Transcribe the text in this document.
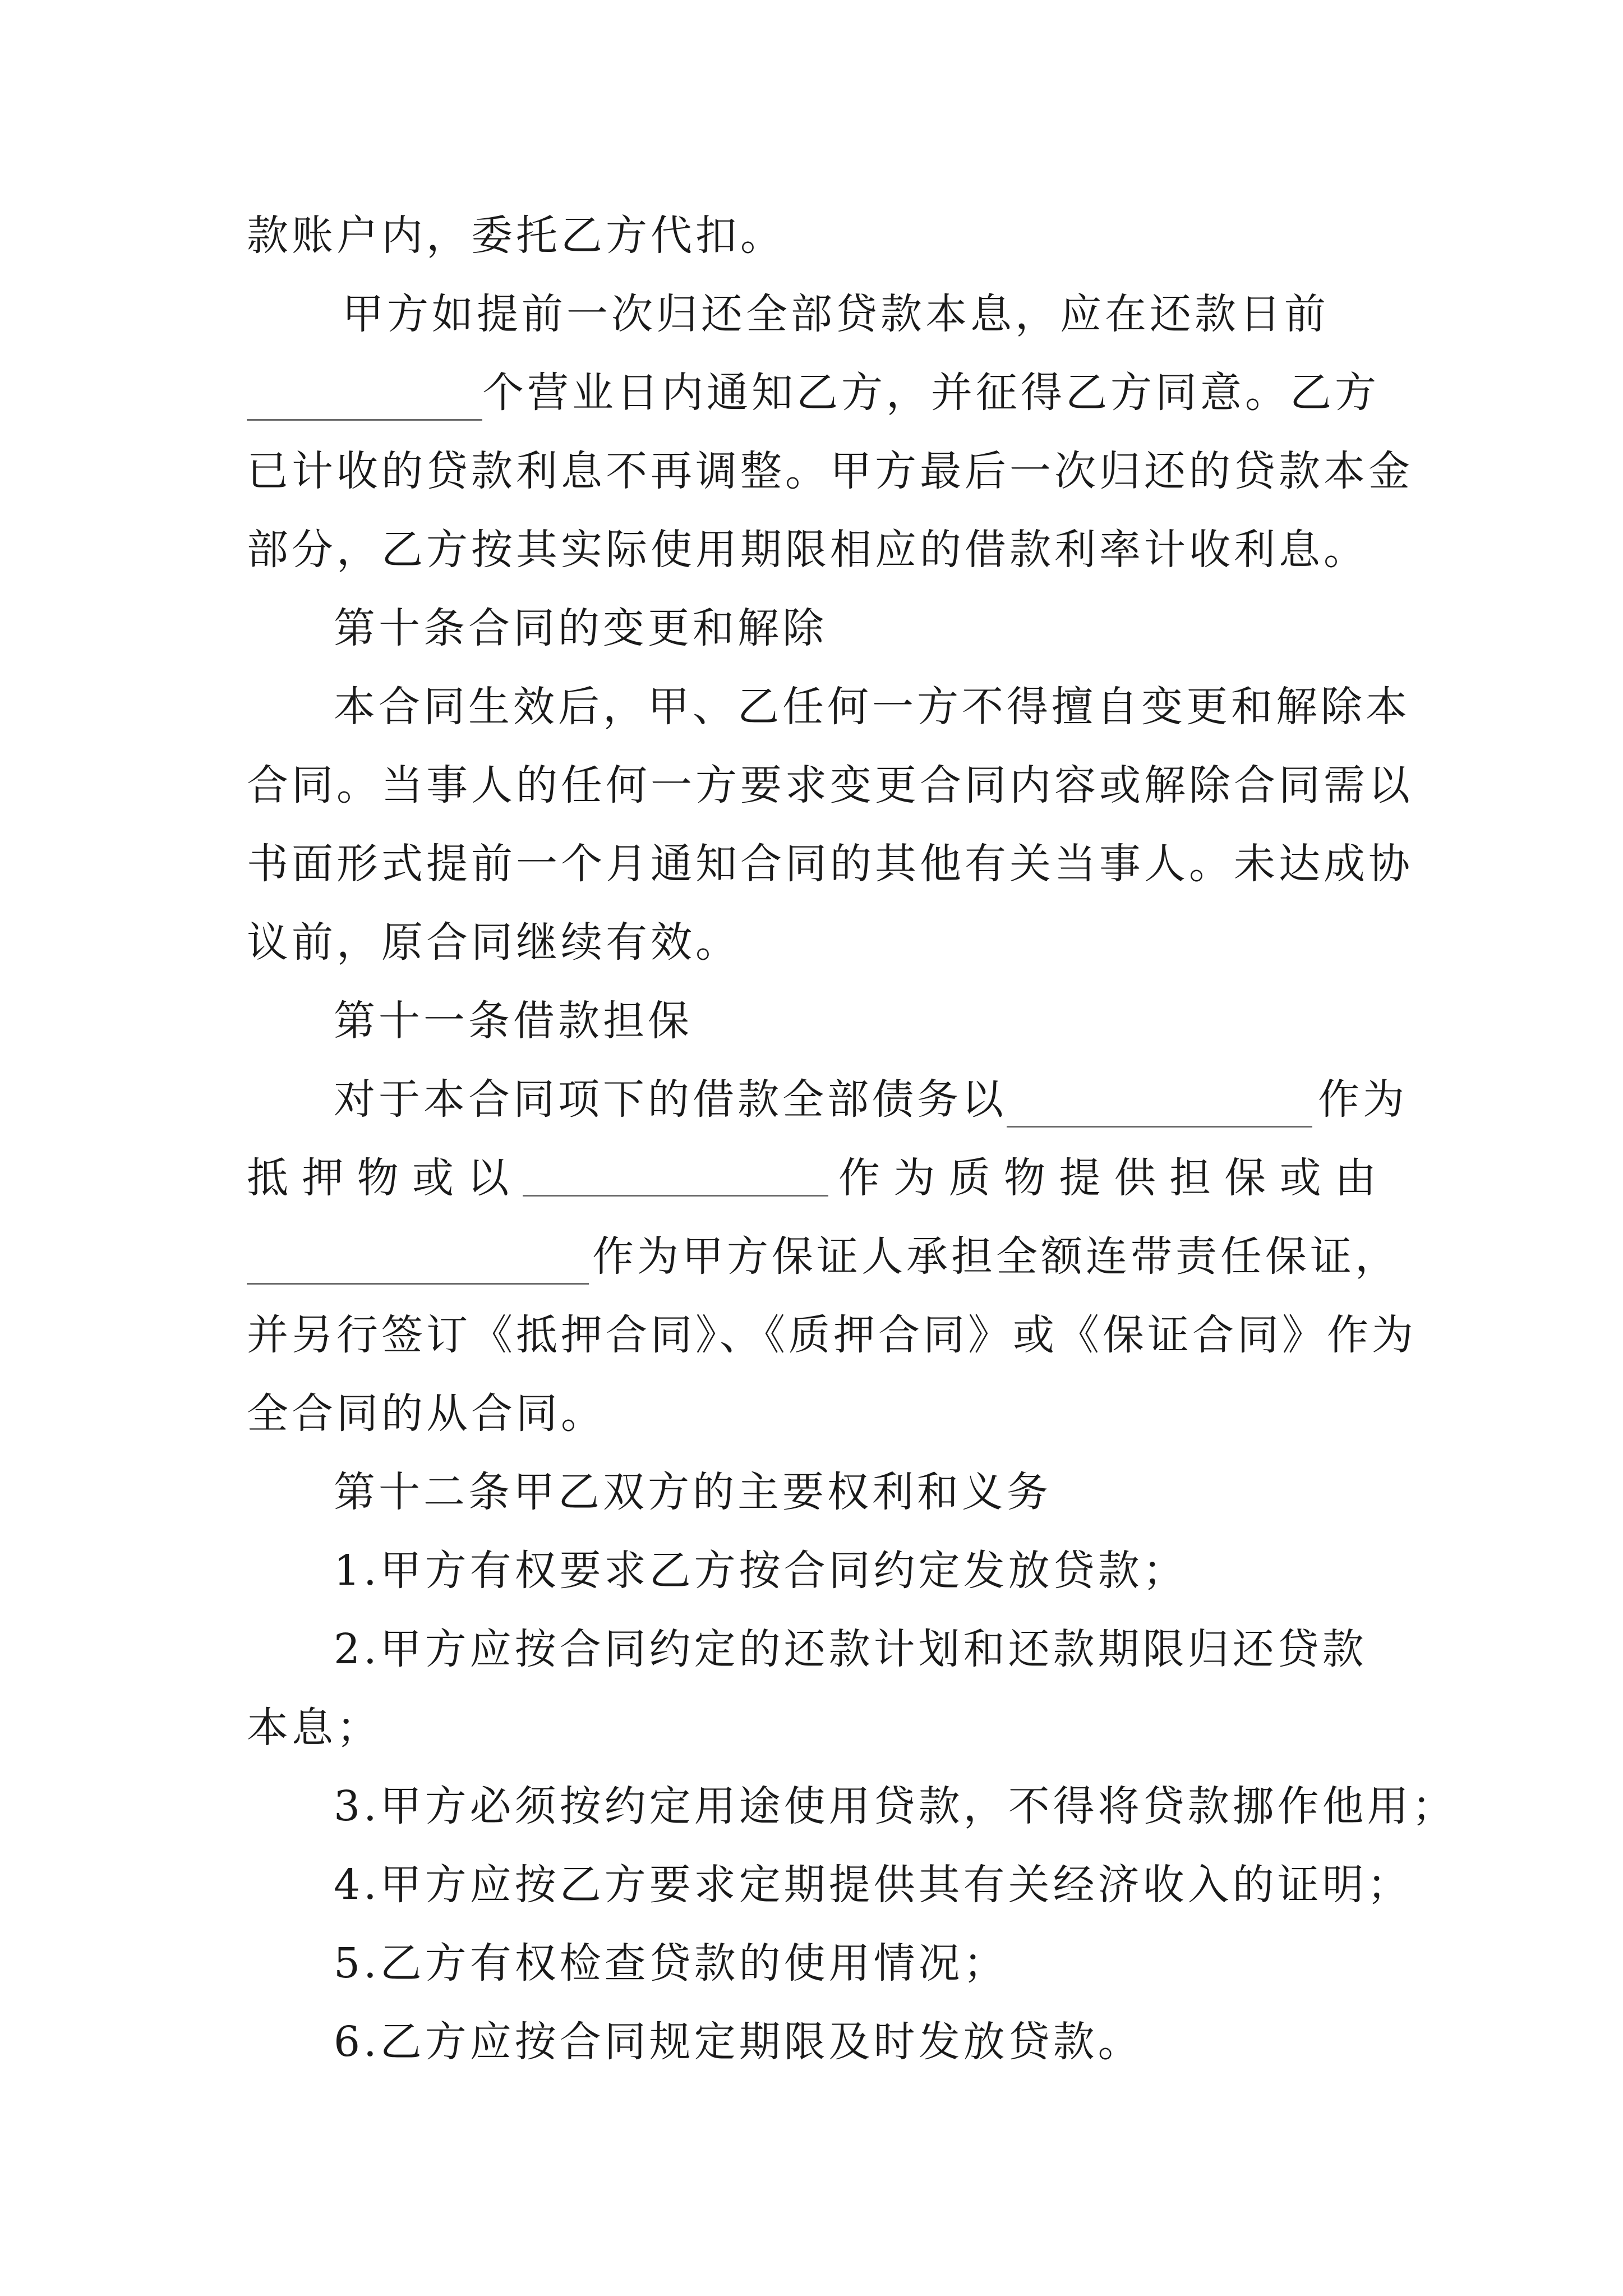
款账户内，委托乙方代扣。
甲方如提前一次归还全部贷款本息，应在还款日前
个营业日内通知乙方，并征得乙方同意。乙方
已计收的贷款利息不再调整。甲方最后一次归还的贷款本金
部分，乙方按其实际使用期限相应的借款利率计收利息。
第十条合同的变更和解除
本合同生效后，甲、乙任何一方不得擅自变更和解除本
合同。当事人的任何一方要求变更合同内容或解除合同需以
书面形式提前一个月通知合同的其他有关当事人。未达成协
议前，原合同继续有效。
第十一条借款担保
对于本合同项下的借款全部债务以	作为
抵 押 物 或 以	作 为 质 物 提 供 担 保 或 由
作为甲方保证人承担全额连带责任保证，
并另行签订《抵押合同》、《质押合同》或《保证合同》作为
全合同的从合同。
第十二条甲乙双方的主要权利和义务
1.甲方有权要求乙方按合同约定发放贷款；
2.甲方应按合同约定的还款计划和还款期限归还贷款
本息；
3.甲方必须按约定用途使用贷款，不得将贷款挪作他用；
4.甲方应按乙方要求定期提供其有关经济收入的证明；
5.乙方有权检查贷款的使用情况；
6.乙方应按合同规定期限及时发放贷款。
